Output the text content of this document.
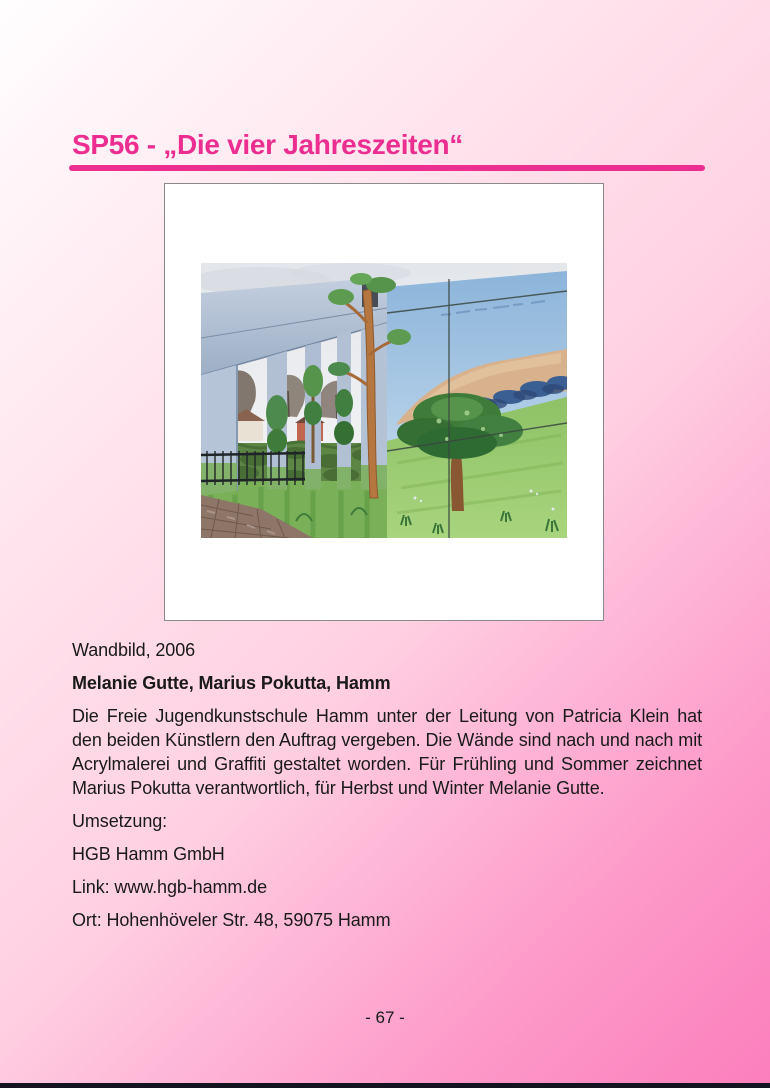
SP56 - „Die vier Jahreszeiten“

Wandbild, 2006

Melanie Gutte, Marius Pokutta, Hamm

Die Freie Jugendkunstschule Hamm unter der Leitung von Patricia Klein hat den beiden Künstlern den Auftrag vergeben. Die Wände sind nach und nach mit Acrylmalerei und Graffiti gestaltet worden. Für Frühling und Sommer zeichnet Marius Pokutta verantwortlich, für Herbst und Winter Melanie Gutte.

Umsetzung:

HGB Hamm GmbH

Link: www.hgb-hamm.de

Ort: Hohenhöveler Str. 48, 59075 Hamm

- 67 -
